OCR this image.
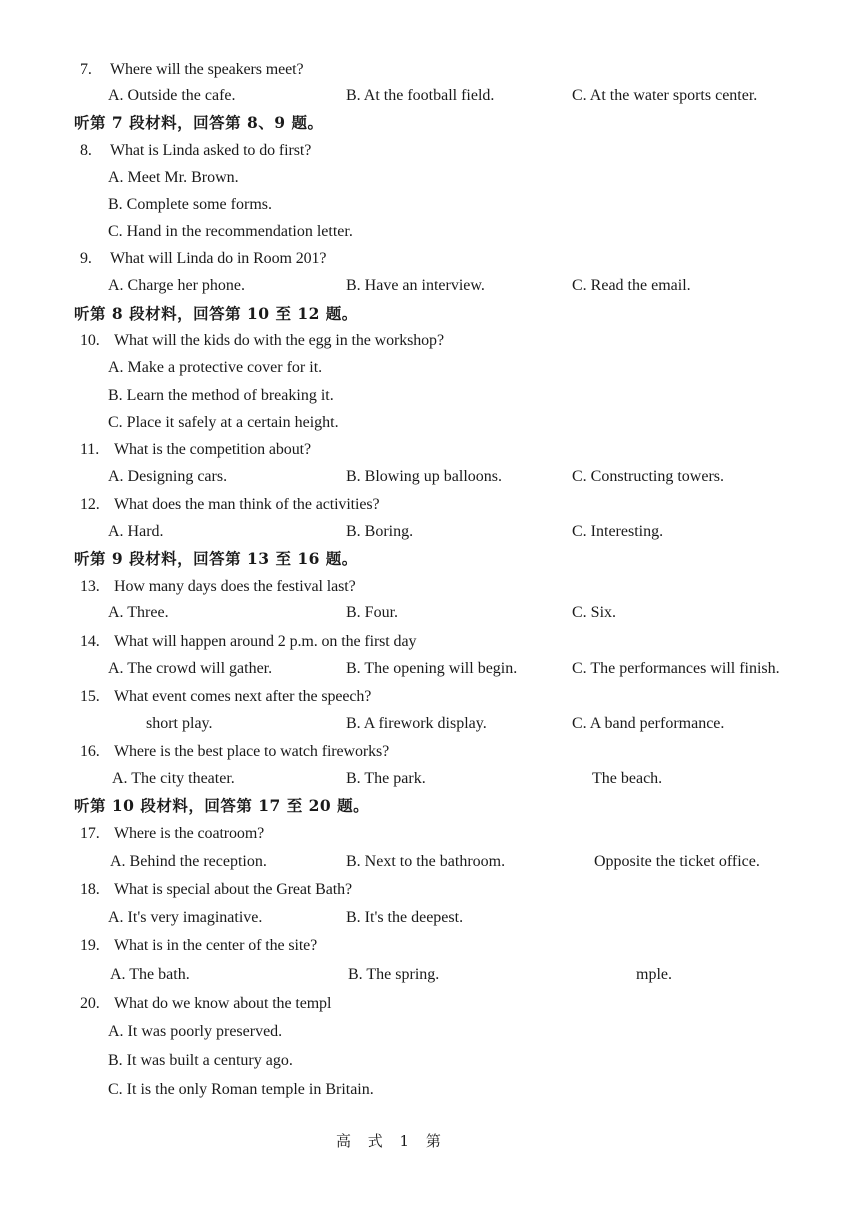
7. Where will the speakers meet?
A. Outside the cafe.	B. At the football field.	C. At the water sports center.
听第 7 段材料，回答第 8、9 题。
8. What is Linda asked to do first?
A. Meet Mr. Brown.
B. Complete some forms.
C. Hand in the recommendation letter.
9. What will Linda do in Room 201?
A. Charge her phone.	B. Have an interview.	C. Read the email.
听第 8 段材料，回答第 10 至 12 题。
10. What will the kids do with the egg in the workshop?
A. Make a protective cover for it.
B. Learn the method of breaking it.
C. Place it safely at a certain height.
11. What is the competition about?
A. Designing cars.	B. Blowing up balloons.	C. Constructing towers.
12. What does the man think of the activities?
A. Hard.	B. Boring.	C. Interesting.
听第 9 段材料，回答第 13 至 16 题。
13. How many days does the festival last?
A. Three.	B. Four.	C. Six.
14. What will happen around 2 p.m. on the first day
A. The crowd will gather.	B. The opening will begin.	C. The performances will finish.
15. What event comes next after the speech?
short play.	B. A firework display.	C. A band performance.
16. Where is the best place to watch fireworks?
A. The city theater.	B. The park.	The beach.
听第 10 段材料，回答第 17 至 20 题。
17. Where is the coatroom?
A. Behind the reception.	B. Next to the bathroom.	Opposite the ticket office.
18. What is special about the Great Bath?
A. It's very imaginative.	B. It's the deepest.
19. What is in the center of the site?
A. The bath.	B. The spring.	mple.
20. What do we know about the templ
A. It was poorly preserved.
B. It was built a century ago.
C. It is the only Roman temple in Britain.
高 式 1 第
